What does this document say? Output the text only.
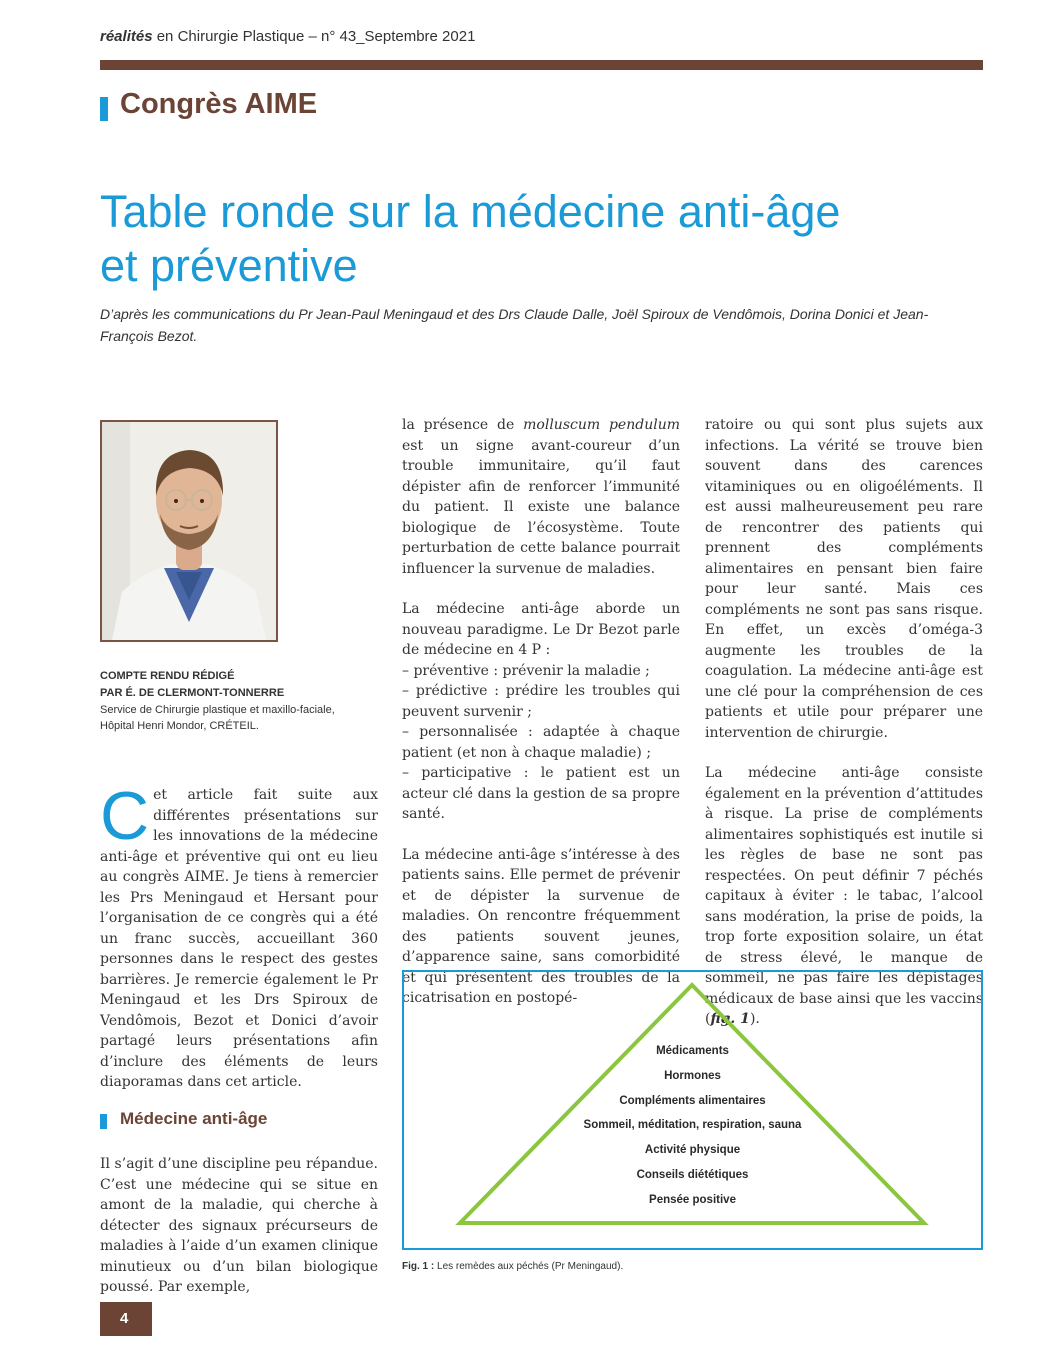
réalités en Chirurgie Plastique – n° 43_Septembre 2021
Congrès AIME
Table ronde sur la médecine anti-âge
et préventive
D’après les communications du Pr Jean-Paul Meningaud et des Drs Claude Dalle, Joël Spiroux de Vendômois, Dorina Donici et Jean-François Bezot.
COMPTE RENDU RÉDIGÉ
PAR É. DE CLERMONT-TONNERRE
Service de Chirurgie plastique et maxillo-faciale,
Hôpital Henri Mondor, CRÉTEIL.
C et article fait suite aux différentes présentations sur les innovations de la médecine anti-âge et préventive qui ont eu lieu au congrès AIME. Je tiens à remercier les Prs Meningaud et Hersant pour l’organisation de ce congrès qui a été un franc succès, accueillant 360 personnes dans le respect des gestes barrières. Je remercie également le Pr Meningaud et les Drs Spiroux de Vendômois, Bezot et Donici d’avoir partagé leurs présentations afin d’inclure des éléments de leurs diaporamas dans cet article.

Médecine anti-âge

Il s’agit d’une discipline peu répandue. C’est une médecine qui se situe en amont de la maladie, qui cherche à détecter des signaux précurseurs de maladies à l’aide d’un examen clinique minutieux ou d’un bilan biologique poussé. Par exemple,

la présence de molluscum pendulum est un signe avant-coureur d’un trouble immunitaire, qu’il faut dépister afin de renforcer l’immunité du patient. Il existe une balance biologique de l’écosystème. Toute perturbation de cette balance pourrait influencer la survenue de maladies.

La médecine anti-âge aborde un nouveau paradigme. Le Dr Bezot parle de médecine en 4 P :

– préventive : prévenir la maladie ;

– prédictive : prédire les troubles qui peuvent survenir ;

– personnalisée : adaptée à chaque patient (et non à chaque maladie) ;

– participative : le patient est un acteur clé dans la gestion de sa propre santé.

La médecine anti-âge s’intéresse à des patients sains. Elle permet de prévenir et de dépister la survenue de maladies. On rencontre fréquemment des patients souvent jeunes, d’apparence saine, sans comorbidité et qui présentent des troubles de la cicatrisation en postopé-

ratoire ou qui sont plus sujets aux infections. La vérité se trouve bien souvent dans des carences vitaminiques ou en oligoéléments. Il est aussi malheureusement peu rare de rencontrer des patients qui prennent des compléments alimentaires en pensant bien faire pour leur santé. Mais ces compléments ne sont pas sans risque. En effet, un excès d’oméga-3 augmente les troubles de la coagulation. La médecine anti-âge est une clé pour la compréhension de ces patients et utile pour préparer une intervention de chirurgie.

La médecine anti-âge consiste également en la prévention d’attitudes à risque. La prise de compléments alimentaires sophistiqués est inutile si les règles de base ne sont pas respectées. On peut définir 7 péchés capitaux à éviter : le tabac, l’alcool sans modération, la prise de poids, la trop forte exposition solaire, un état de stress élevé, le manque de sommeil, ne pas faire les dépistages médicaux de base ainsi que les vaccins (fig. 1).

Médicaments
Hormones
Compléments alimentaires
Sommeil, méditation, respiration, sauna
Activité physique
Conseils diététiques
Pensée positive
Fig. 1 : Les remèdes aux péchés (Pr Meningaud).
4
